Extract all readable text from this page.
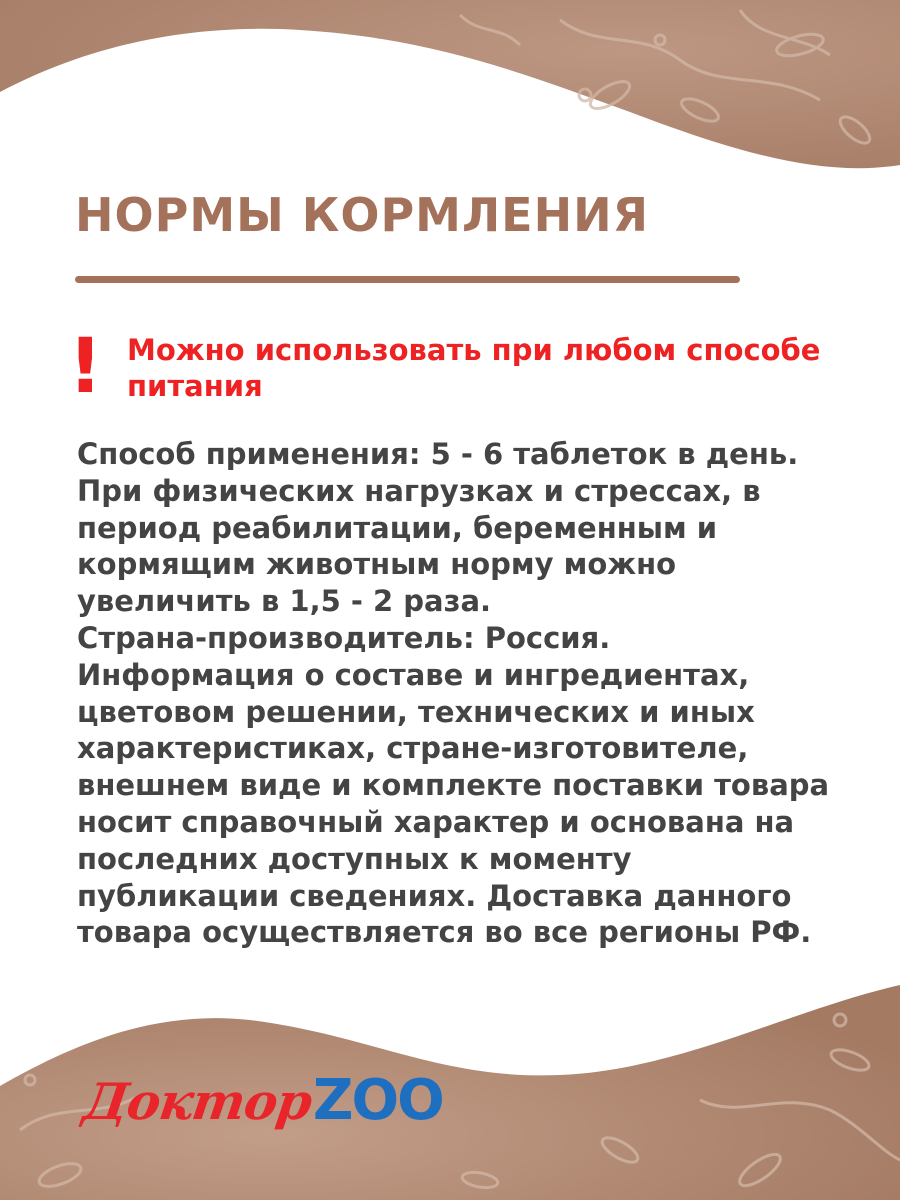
НОРМЫ КОРМЛЕНИЯ
! Можно использовать при любом способе питания

Способ применения: 5 - 6 таблеток в день.
При физических нагрузках и стрессах, в
период реабилитации, беременным и
кормящим животным норму можно
увеличить в 1,5 - 2 раза.
Страна-производитель: Россия.
Информация о составе и ингредиентах,
цветовом решении, технических и иных
характеристиках, стране-изготовителе,
внешнем виде и комплекте поставки товара
носит справочный характер и основана на
последних доступных к моменту
публикации сведениях. Доставка данного
товара осуществляется во все регионы РФ.

ДокторZOO
